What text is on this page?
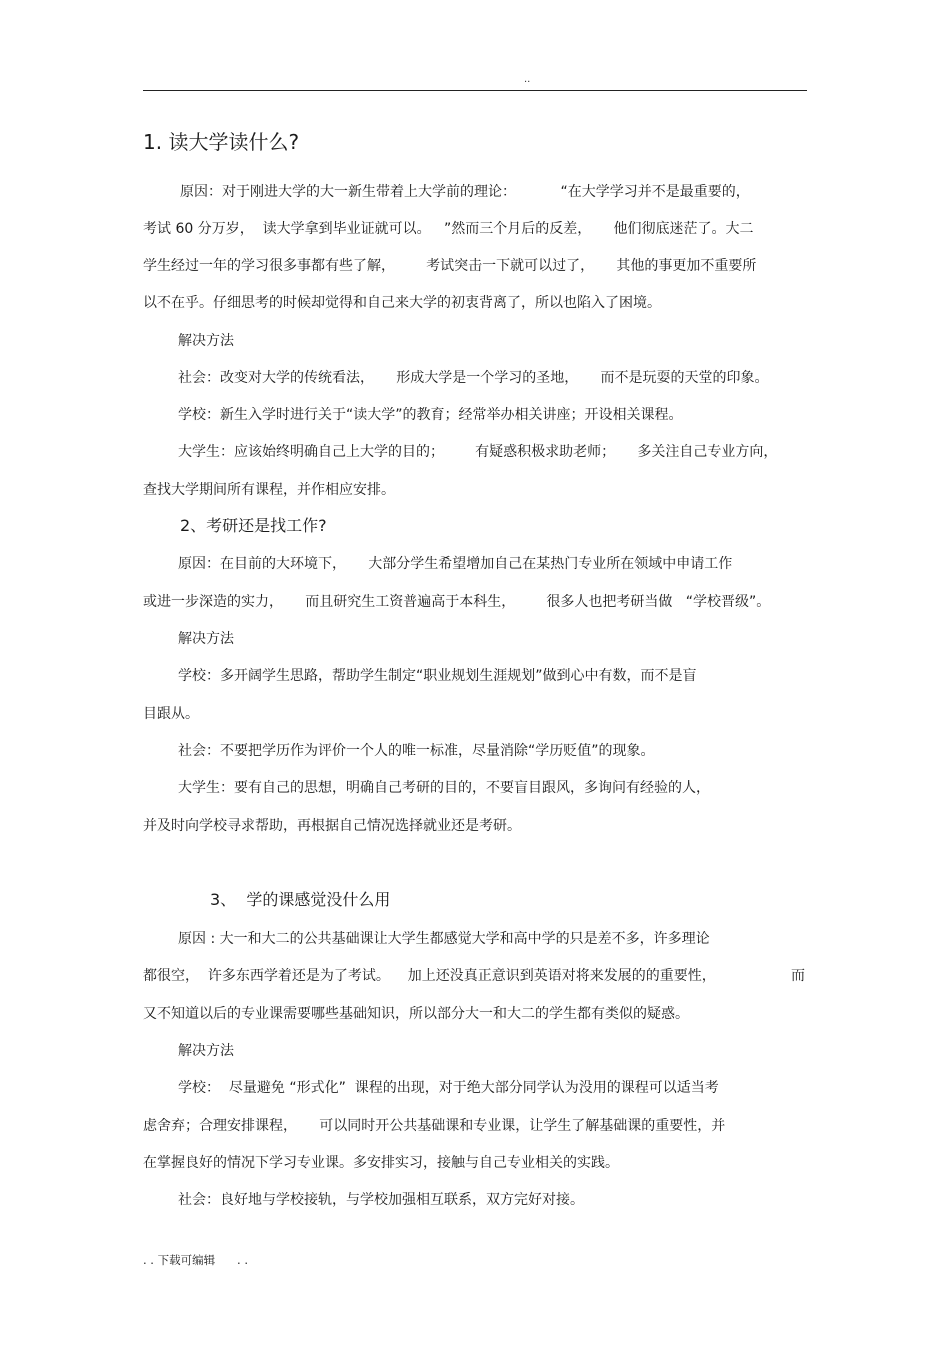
..
1. 读大学读什么?
原因：对于刚进大学的大一新生带着上大学前的理论：          “在大学学习并不是最重要的，
考试 60 分万岁，  读大学拿到毕业证就可以。   ”然而三个月后的反差，     他们彻底迷茫了。大二
学生经过一年的学习很多事都有些了解，       考试突击一下就可以过了，     其他的事更加不重要所
以不在乎。仔细思考的时候却觉得和自己来大学的初衷背离了，所以也陷入了困境。
解决方法
社会：改变对大学的传统看法，     形成大学是一个学习的圣地，     而不是玩耍的天堂的印象。
学校：新生入学时进行关于“读大学”的教育；经常举办相关讲座；开设相关课程。
大学生：应该始终明确自己上大学的目的；       有疑惑积极求助老师；     多关注自己专业方向，
查找大学期间所有课程，并作相应安排。
2、考研还是找工作?
原因：在目前的大环境下，     大部分学生希望增加自己在某热门专业所在领域中申请工作
或进一步深造的实力，     而且研究生工资普遍高于本科生，       很多人也把考研当做   “学校晋级”。
解决方法
学校：多开阔学生思路，帮助学生制定“职业规划生涯规划”做到心中有数，而不是盲
目跟从。
社会：不要把学历作为评价一个人的唯一标准，尽量消除“学历贬值”的现象。
大学生：要有自己的思想，明确自己考研的目的，不要盲目跟风，多询问有经验的人，
并及时向学校寻求帮助，再根据自己情况选择就业还是考研。
3、  学的课感觉没什么用
原因 : 大一和大二的公共基础课让大学生都感觉大学和高中学的只是差不多，许多理论
都很空，  许多东西学着还是为了考试。    加上还没真正意识到英语对将来发展的的重要性，	而
又不知道以后的专业课需要哪些基础知识，所以部分大一和大二的学生都有类似的疑惑。
解决方法
学校：  尽量避免 “形式化”  课程的出现，对于绝大部分同学认为没用的课程可以适当考
虑舍弃；合理安排课程，     可以同时开公共基础课和专业课，让学生了解基础课的重要性，并
在掌握良好的情况下学习专业课。多安排实习，接触与自己专业相关的实践。
社会：良好地与学校接轨，与学校加强相互联系，双方完好对接。
. . 下载可编辑      . .
